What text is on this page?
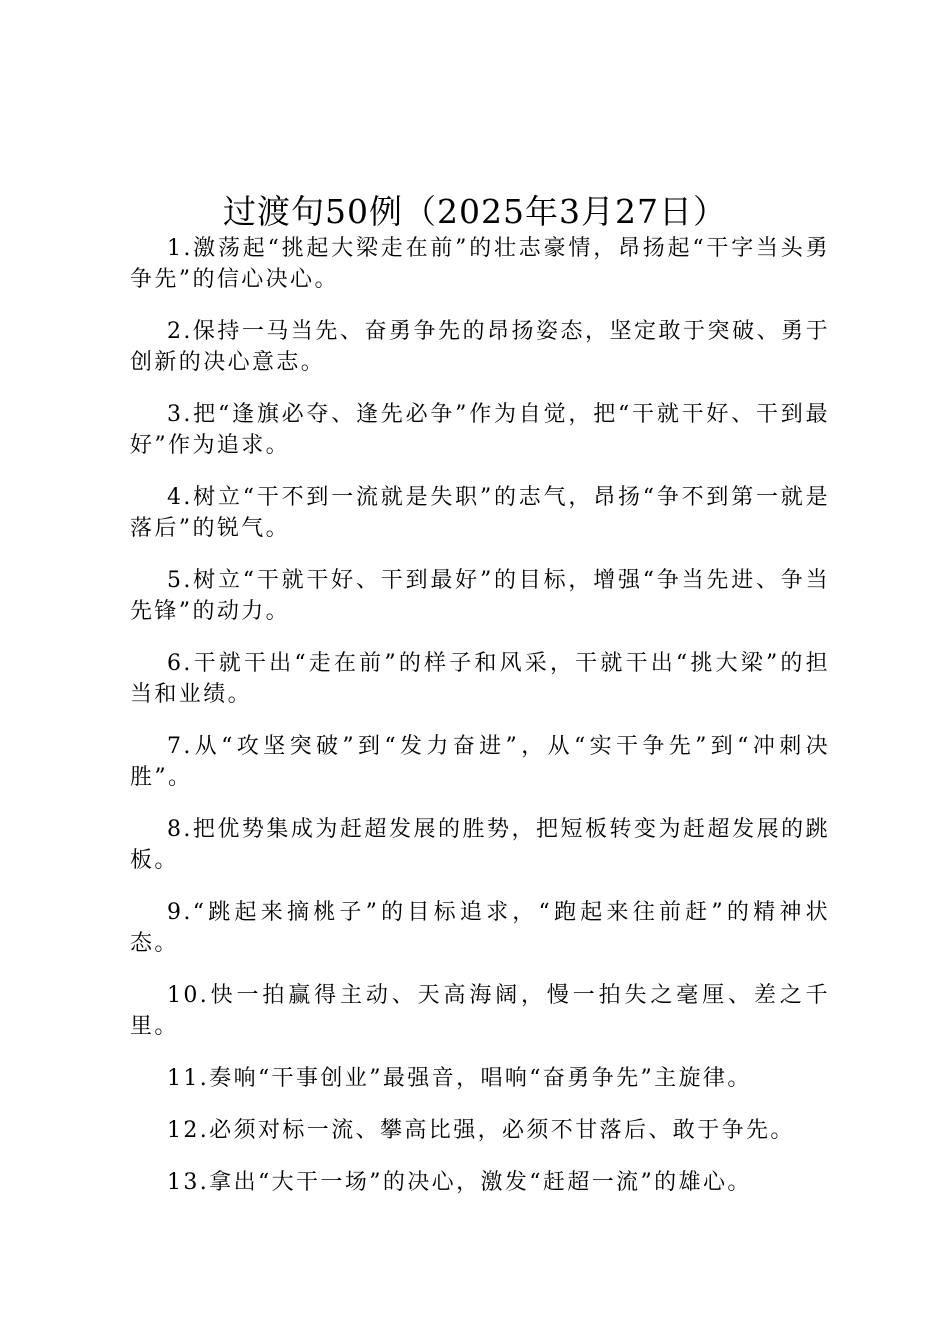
过渡句50例（2025年3月27日）

1.激荡起“挑起大梁走在前”的壮志豪情，昂扬起“干字当头勇争先”的信心决心。

2.保持一马当先、奋勇争先的昂扬姿态，坚定敢于突破、勇于创新的决心意志。

3.把“逢旗必夺、逢先必争”作为自觉，把“干就干好、干到最好”作为追求。

4.树立“干不到一流就是失职”的志气，昂扬“争不到第一就是落后”的锐气。

5.树立“干就干好、干到最好”的目标，增强“争当先进、争当先锋”的动力。

6.干就干出“走在前”的样子和风采，干就干出“挑大梁”的担当和业绩。

7.从“攻坚突破”到“发力奋进”，从“实干争先”到“冲刺决胜”。

8.把优势集成为赶超发展的胜势，把短板转变为赶超发展的跳板。

9.“跳起来摘桃子”的目标追求，“跑起来往前赶”的精神状态。

10.快一拍赢得主动、天高海阔，慢一拍失之毫厘、差之千里。

11.奏响“干事创业”最强音，唱响“奋勇争先”主旋律。

12.必须对标一流、攀高比强，必须不甘落后、敢于争先。

13.拿出“大干一场”的决心，激发“赶超一流”的雄心。
